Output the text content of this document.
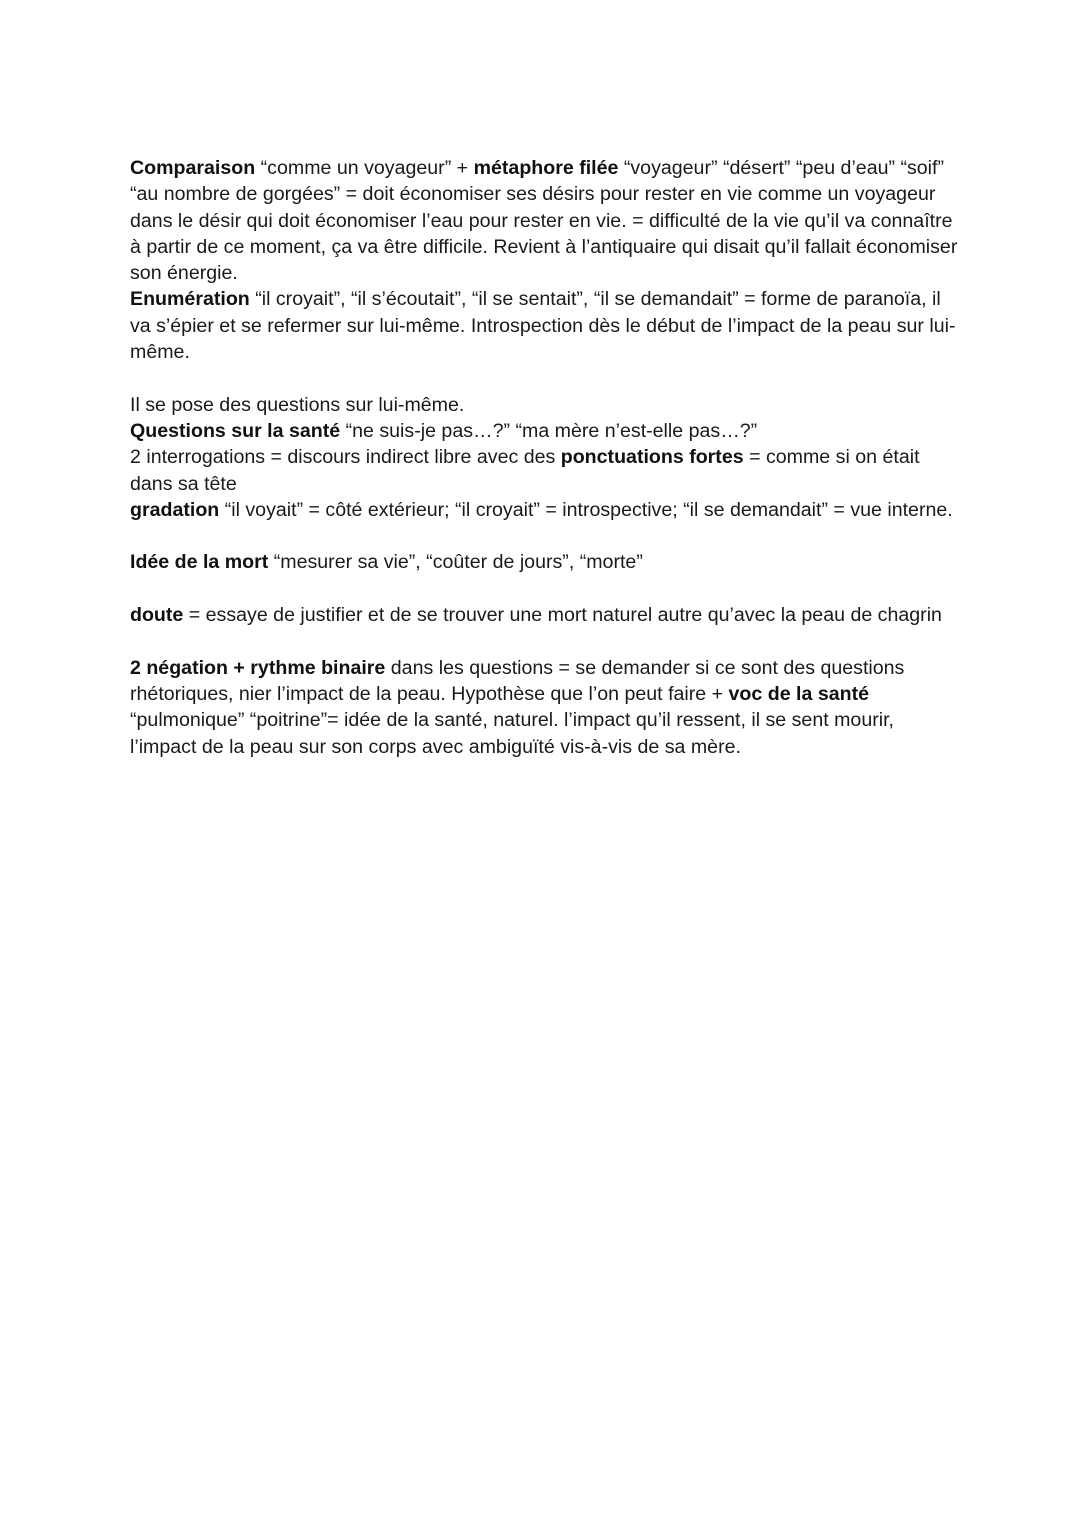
Comparaison “comme un voyageur” + métaphore filée “voyageur” “désert” “peu d’eau” “soif” “au nombre de gorgées” = doit économiser ses désirs pour rester en vie comme un voyageur dans le désir qui doit économiser l’eau pour rester en vie. = difficulté de la vie qu’il va connaître à partir de ce moment, ça va être difficile. Revient à l’antiquaire qui disait qu’il fallait économiser son énergie.

Enumération “il croyait”, “il s’écoutait”, “il se sentait”, “il se demandait” = forme de paranoïa, il va s’épier et se refermer sur lui-même. Introspection dès le début de l’impact de la peau sur lui-même.

Il se pose des questions sur lui-même.

Questions sur la santé “ne suis-je pas…?” “ma mère n’est-elle pas…?”

2 interrogations = discours indirect libre avec des ponctuations fortes = comme si on était dans sa tête

gradation “il voyait” = côté extérieur; “il croyait” = introspective; “il se demandait” = vue interne.

Idée de la mort “mesurer sa vie”, “coûter de jours”, “morte”

doute = essaye de justifier et de se trouver une mort naturel autre qu’avec la peau de chagrin

2 négation + rythme binaire dans les questions = se demander si ce sont des questions rhétoriques, nier l’impact de la peau. Hypothèse que l’on peut faire + voc de la santé “pulmonique” “poitrine”= idée de la santé, naturel. l’impact qu’il ressent, il se sent mourir, l’impact de la peau sur son corps avec ambiguïté vis-à-vis de sa mère.
